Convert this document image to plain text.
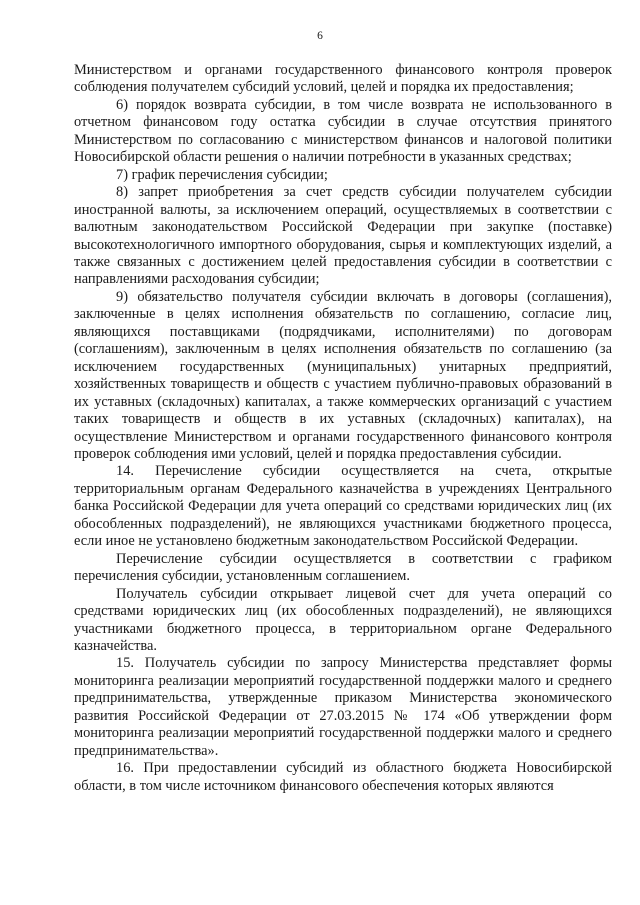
6

Министерством и органами государственного финансового контроля проверок соблюдения получателем субсидий условий, целей и порядка их предоставления;

6) порядок возврата субсидии, в том числе возврата не использованного в отчетном финансовом году остатка субсидии в случае отсутствия принятого Министерством по согласованию с министерством финансов и налоговой политики Новосибирской области решения о наличии потребности в указанных средствах;

7) график перечисления субсидии;

8) запрет приобретения за счет средств субсидии получателем субсидии иностранной валюты, за исключением операций, осуществляемых в соответствии с валютным законодательством Российской Федерации при закупке (поставке) высокотехнологичного импортного оборудования, сырья и комплектующих изделий, а также связанных с достижением целей предоставления субсидии в соответствии с направлениями расходования субсидии;

9) обязательство получателя субсидии включать в договоры (соглашения), заключенные в целях исполнения обязательств по соглашению, согласие лиц, являющихся поставщиками (подрядчиками, исполнителями) по договорам (соглашениям), заключенным в целях исполнения обязательств по соглашению (за исключением государственных (муниципальных) унитарных предприятий, хозяйственных товариществ и обществ с участием публично-правовых образований в их уставных (складочных) капиталах, а также коммерческих организаций с участием таких товариществ и обществ в их уставных (складочных) капиталах), на осуществление Министерством и органами государственного финансового контроля проверок соблюдения ими условий, целей и порядка предоставления субсидии.

14. Перечисление субсидии осуществляется на счета, открытые территориальным органам Федерального казначейства в учреждениях Центрального банка Российской Федерации для учета операций со средствами юридических лиц (их обособленных подразделений), не являющихся участниками бюджетного процесса, если иное не установлено бюджетным законодательством Российской Федерации.

Перечисление субсидии осуществляется в соответствии с графиком перечисления субсидии, установленным соглашением.

Получатель субсидии открывает лицевой счет для учета операций со средствами юридических лиц (их обособленных подразделений), не являющихся участниками бюджетного процесса, в территориальном органе Федерального казначейства.

15. Получатель субсидии по запросу Министерства представляет формы мониторинга реализации мероприятий государственной поддержки малого и среднего предпринимательства, утвержденные приказом Министерства экономического развития Российской Федерации от 27.03.2015 № 174 «Об утверждении форм мониторинга реализации мероприятий государственной поддержки малого и среднего предпринимательства».

16. При предоставлении субсидий из областного бюджета Новосибирской области, в том числе источником финансового обеспечения которых являются
